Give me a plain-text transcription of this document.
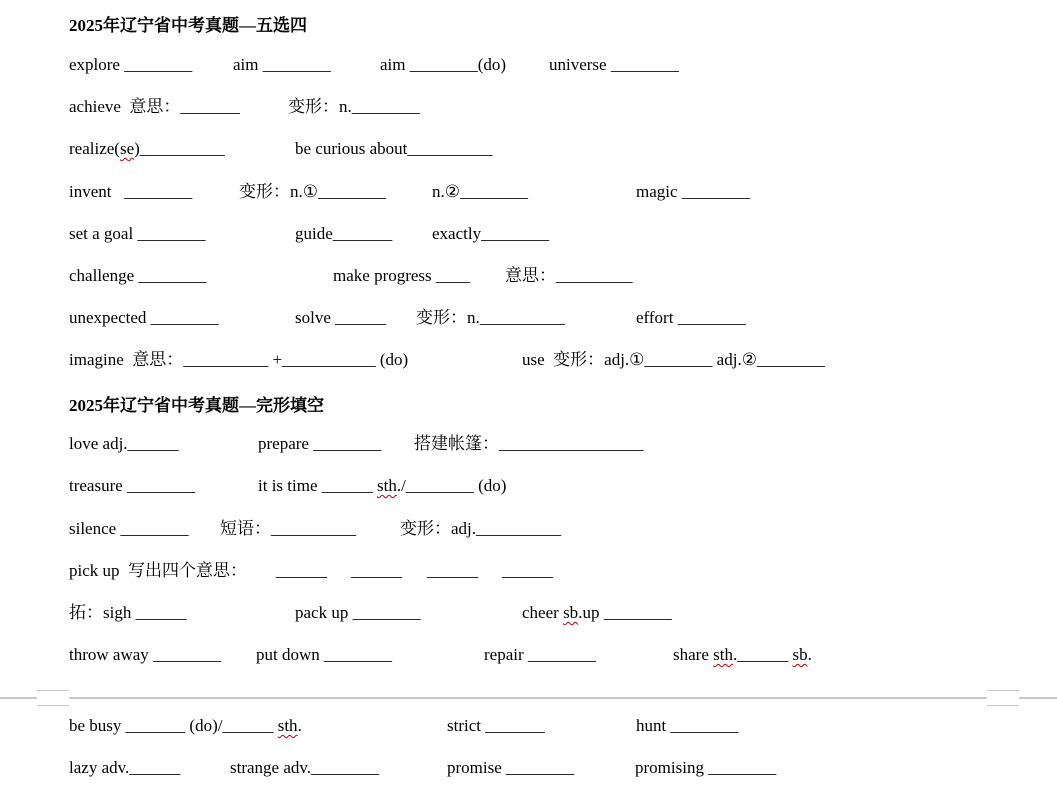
2025年辽宁省中考真题—五选四
explore ________ aim ________	aim ________(do)	universe ________
achieve  意思：_______	变形：n.________
realize(se)__________	be curious about__________
invent   ________	变形：n.①________	n.②________	magic ________
set a goal ________	guide_______ exactly________
challenge ________	make progress ____ 意思：_________
unexpected ________	solve ______ 变形：n.__________	effort ________
imagine  意思：__________ +___________ (do)	use  变形：adj.①________ adj.②________
2025年辽宁省中考真题—完形填空
love adj.______	prepare ________ 搭建帐篷：_________________
treasure ________	it is time ______ sth./________ (do)
silence ________ 短语：__________	变形：adj.__________
pick up  写出四个意思： ______ ______ ______ ______
拓：sigh ______	pack up ________	cheer sb.up ________
throw away ________ put down ________	repair ________	share sth.______ sb.
be busy _______ (do)/______ sth.	strict _______	hunt ________
lazy adv.______	strange adv.________	promise ________	promising ________
